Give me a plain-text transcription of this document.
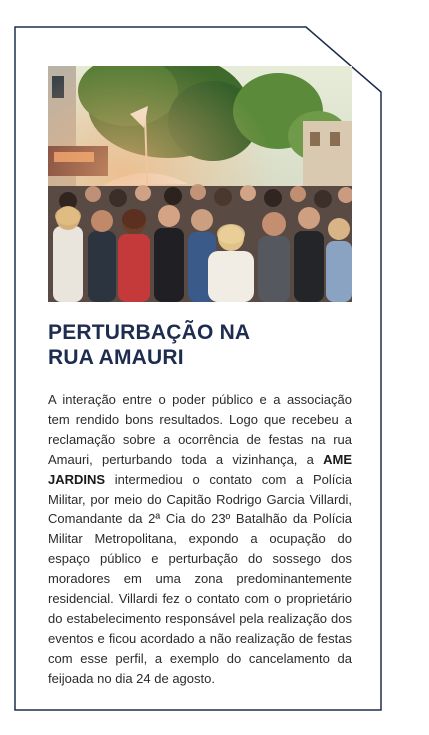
PERTURBAÇÃO NA
RUA AMAURI

A interação entre o poder público e a associação tem rendido bons resultados. Logo que recebeu a reclamação sobre a ocorrência de festas na rua Amauri, perturbando toda a vizinhança, a AME JARDINS intermediou o contato com a Polícia Militar, por meio do Capitão Rodrigo Garcia Villardi, Comandante da 2ª Cia do 23º Batalhão da Polícia Militar Metropolitana, expondo a ocupação do espaço público e perturbação do sossego dos moradores em uma zona predominantemente residencial. Villardi fez o contato com o proprietário do estabelecimento responsável pela realização dos eventos e ficou acordado a não realização de festas com esse perfil, a exemplo do cancelamento da feijoada no dia 24 de agosto.
